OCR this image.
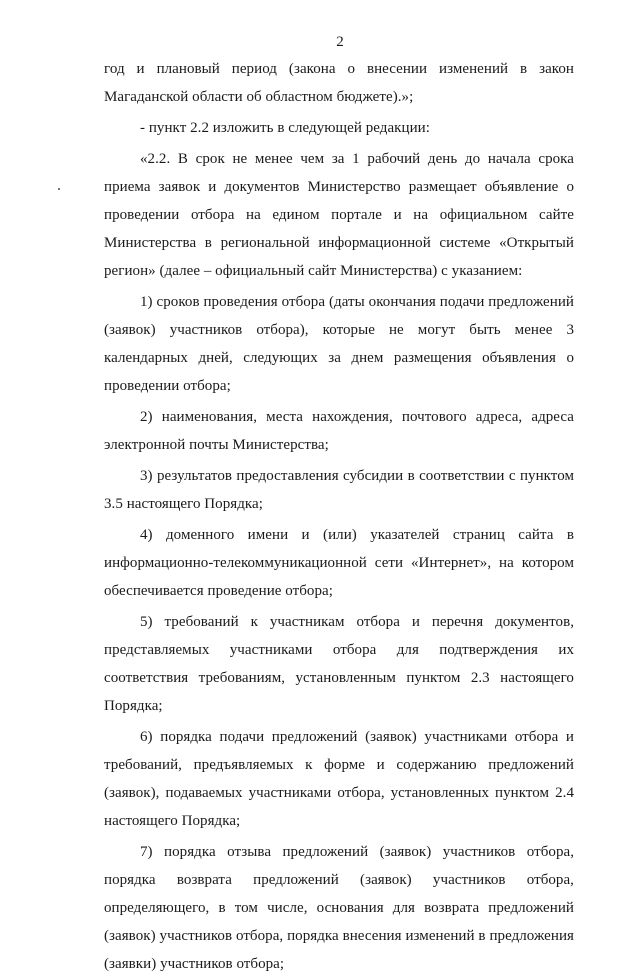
2

год и плановый период (закона о внесении изменений в закон Магаданской области об областном бюджете).»;

- пункт 2.2 изложить в следующей редакции:

«2.2. В срок не менее чем за 1 рабочий день до начала срока приема заявок и документов Министерство размещает объявление о проведении отбора на едином портале и на официальном сайте Министерства в региональной информационной системе «Открытый регион» (далее – официальный сайт Министерства) с указанием:

1) сроков проведения отбора (даты окончания подачи предложений (заявок) участников отбора), которые не могут быть менее 3 календарных дней, следующих за днем размещения объявления о проведении отбора;

2) наименования, места нахождения, почтового адреса, адреса электронной почты Министерства;

3) результатов предоставления субсидии в соответствии с пунктом 3.5 настоящего Порядка;

4) доменного имени и (или) указателей страниц сайта в информационно-телекоммуникационной сети «Интернет», на котором обеспечивается проведение отбора;

5) требований к участникам отбора и перечня документов, представляемых участниками отбора для подтверждения их соответствия требованиям, установленным пунктом 2.3 настоящего Порядка;

6) порядка подачи предложений (заявок) участниками отбора и требований, предъявляемых к форме и содержанию предложений (заявок), подаваемых участниками отбора, установленных пунктом 2.4 настоящего Порядка;

7) порядка отзыва предложений (заявок) участников отбора, порядка возврата предложений (заявок) участников отбора, определяющего, в том числе, основания для возврата предложений (заявок) участников отбора, порядка внесения изменений в предложения (заявки) участников отбора;
